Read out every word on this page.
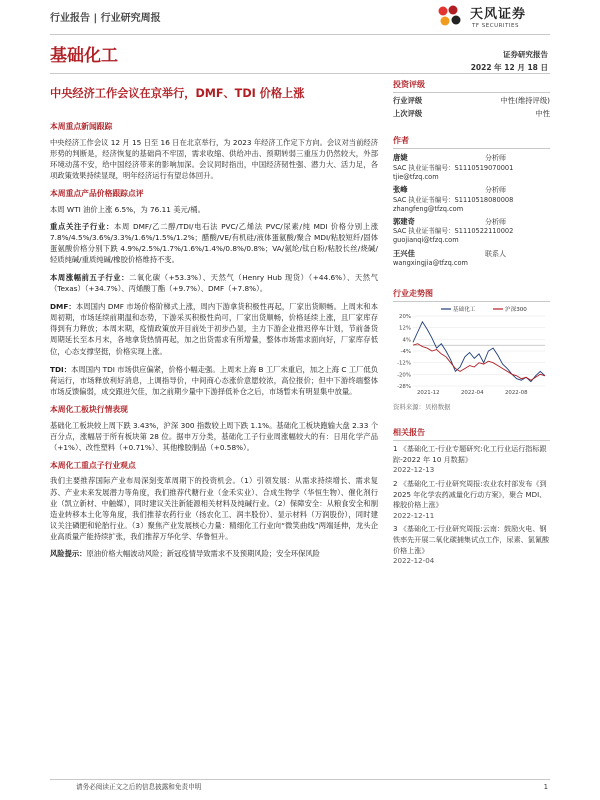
行业报告 | 行业研究周报	天风证券
TF SECURITIES
基础化工	证券研究报告
2022 年 12 月 18 日
中央经济工作会议在京举行，DMF、TDI 价格上涨
本周重点新闻跟踪
中央经济工作会议 12 月 15 日至 16 日在北京举行，为 2023 年经济工作定下方向。会议对当前经济形势的判断是，经济恢复的基础尚不牢固，需求收缩、供给冲击、预期转弱三重压力仍然较大，外部环境动荡不安，给中国经济带来的影响加深。会议同时指出，中国经济韧性强、潜力大、活力足，各项政策效果持续显现，明年经济运行有望总体回升。
本周重点产品价格跟踪点评
本周 WTI 油价上涨 6.5%，为 76.11 美元/桶。
重点关注子行业：本周 DMF/乙二醇/TDI/电石法 PVC/乙烯法 PVC/尿素/纯 MDI 价格分别上涨 7.8%/4.5%/3.6%/3.3%/1.6%/1.5%/1.2%；醋酸/VE/有机硅/液体蛋氨酸/聚合 MDI/粘胶短纤/固体蛋氨酸价格分别下跌 4.9%/2.5%/1.7%/1.6%/1.4%/0.8%/0.8%；VA/氨纶/钛白粉/粘胶长丝/烧碱/轻质纯碱/重质纯碱/橡胶价格维持不变。
本周涨幅前五子行业：二氧化碳（+53.3%）、天然气（Henry Hub 现货）（+44.6%）、天然气（Texas）（+34.7%）、丙烯酸丁酯（+9.7%）、DMF（+7.8%）。
DMF：本周国内 DMF 市场价格阶梯式上涨，周内下游拿货积极性再起，厂家出货顺畅。上周末和本周初期，市场延续前期温和态势，下游采买积极性尚可，厂家出货顺畅，价格延续上涨，且厂家库存得到有力释放；本周末期，疫情政策放开目前处于初步凸显，主力下游企业推迟停车计划，节前备货周期延长至本月末，各地拿货热情再起，加之出货需求有所增量，整体市场需求面向好，厂家库存低位，心态支撑坚挺，价格实现上涨。
TDI：本周国内 TDI 市场供应偏紧，价格小幅走强。上周末上海 B 工厂未重启，加之上海 C 工厂低负荷运行，市场释放利好消息，上调指导价，中间商心态涨价意愿较浓，高位报价；但中下游终端整体市场反馈偏弱，成交跟进欠佳，加之前期少量中下游择低补仓之后，市场暂未有明显集中放量。
本周化工板块行情表现
基础化工板块较上周下跌 3.43%，沪深 300 指数较上周下跌 1.1%。基础化工板块跑输大盘 2.33 个百分点，涨幅居于所有板块第 28 位。据申万分类，基础化工子行业周涨幅较大的有：日用化学产品（+1%）、改性塑料（+0.71%）、其他橡胶制品（+0.58%）。
本周化工重点子行业观点
我们主要推荐国际产业布局深刻变革周期下的投资机会。（1）引领发展：从需求持续增长、需求复苏、产业未来发展潜力等角度，我们推荐代糖行业（金禾实业）、合成生物学（华恒生物）、催化剂行业（凯立新材、中触媒），同时建议关注新能源相关材料及纯碱行业。（2）保障安全：从粮食安全和制造业转移本土化等角度，我们推荐农药行业（扬农化工、润丰股份）、显示材料（万润股份），同时建议关注磷肥和轮胎行业。（3）聚焦产业发展核心力量：精细化工行业向“微笑曲线”两端延伸，龙头企业高质量产能持续扩张，我们推荐万华化学、华鲁恒升。
风险提示：原油价格大幅波动风险；新冠疫情导致需求不及预期风险；安全环保风险
投资评级
行业评级	中性(维持评级)
上次评级	中性
作者
唐婕	分析师
SAC 执业证书编号：S1110519070001
tjie@tfzq.com
张峰	分析师
SAC 执业证书编号：S1110518080008
zhangfeng@tfzq.com
郭建奇	分析师
SAC 执业证书编号：S1110522110002
guojianqi@tfzq.com
王兴佳	联系人
wangxingjia@tfzq.com
行业走势图
20%
12%
4%
-4%
-12%
-20%
-28%
2021-12	2022-04	2022-08
基础化工	沪深300
资料来源：贝格数据
相关报告
1 《基础化工-行业专题研究:化工行业运行指标跟踪-2022 年 10 月数据》
2022-12-13
2 《基础化工-行业研究周报:农业农村部发布《到 2025 年化学农药减量化行动方案》，聚合 MDI、橡胶价格上涨》
2022-12-11
3 《基础化工-行业研究周报:云南：鼓励火电、钢铁率先开展二氧化碳捕集试点工作，尿素、氯氰酸价格上涨》
2022-12-04
请务必阅读正文之后的信息披露和免责申明	1
